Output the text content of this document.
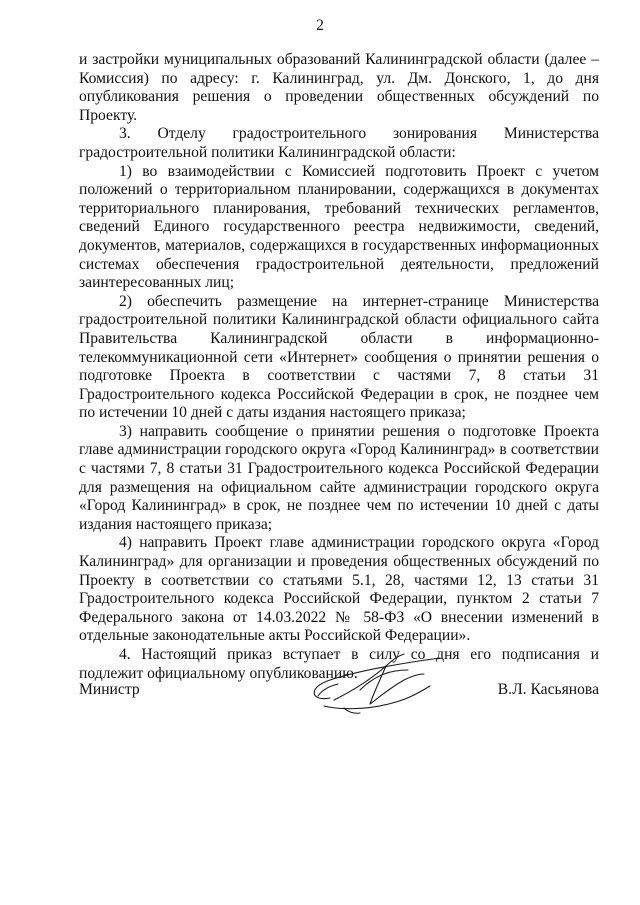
2

и застройки муниципальных образований Калининградской области (далее – Комиссия) по адресу: г. Калининград, ул. Дм. Донского, 1, до дня опубликования решения о проведении общественных обсуждений по Проекту.

3. Отделу градостроительного зонирования Министерства градостроительной политики Калининградской области:

1) во взаимодействии с Комиссией подготовить Проект с учетом положений о территориальном планировании, содержащихся в документах территориального планирования, требований технических регламентов, сведений Единого государственного реестра недвижимости, сведений, документов, материалов, содержащихся в государственных информационных системах обеспечения градостроительной деятельности, предложений заинтересованных лиц;

2) обеспечить размещение на интернет-странице Министерства градостроительной политики Калининградской области официального сайта Правительства Калининградской области в информационно-телекоммуникационной сети «Интернет» сообщения о принятии решения о подготовке Проекта в соответствии с частями 7, 8 статьи 31 Градостроительного кодекса Российской Федерации в срок, не позднее чем по истечении 10 дней с даты издания настоящего приказа;

3) направить сообщение о принятии решения о подготовке Проекта главе администрации городского округа «Город Калининград» в соответствии с частями 7, 8 статьи 31 Градостроительного кодекса Российской Федерации для размещения на официальном сайте администрации городского округа «Город Калининград» в срок, не позднее чем по истечении 10 дней с даты издания настоящего приказа;

4) направить Проект главе администрации городского округа «Город Калининград» для организации и проведения общественных обсуждений по Проекту в соответствии со статьями 5.1, 28, частями 12, 13 статьи 31 Градостроительного кодекса Российской Федерации, пунктом 2 статьи 7 Федерального закона от 14.03.2022 № 58-ФЗ «О внесении изменений в отдельные законодательные акты Российской Федерации».

4. Настоящий приказ вступает в силу со дня его подписания и подлежит официальному опубликованию.

Министр	В.Л. Касьянова
